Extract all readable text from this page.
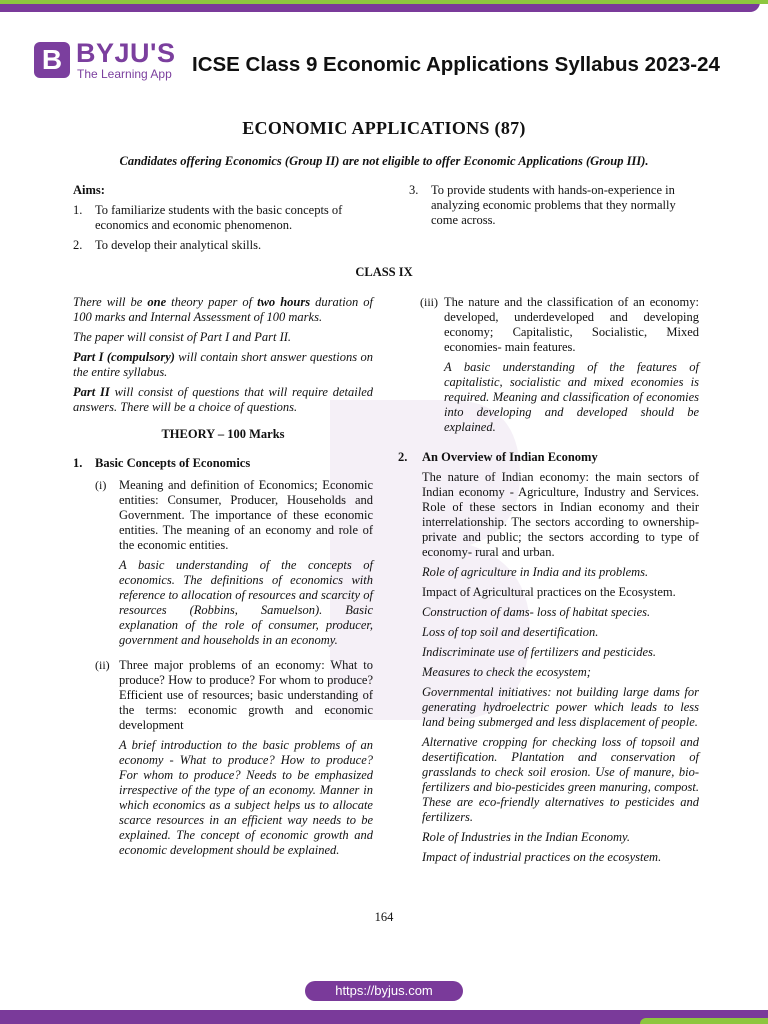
B BYJU'S
The Learning App ICSE Class 9 Economic Applications Syllabus 2023-24
ECONOMIC APPLICATIONS (87)
Candidates offering Economics (Group II) are not eligible to offer Economic Applications (Group III).

Aims:

1.	To familiarize students with the basic concepts of economics and economic phenomenon.
2.	To develop their analytical skills.
3.	To provide students with hands-on-experience in analyzing economic problems that they normally come across.

CLASS IX

There will be one theory paper of two hours duration of 100 marks and Internal Assessment of 100 marks.

The paper will consist of Part I and Part II.

Part I (compulsory) will contain short answer questions on the entire syllabus.

Part II will consist of questions that will require detailed answers. There will be a choice of questions.

THEORY – 100 Marks

1.	Basic Concepts of Economics
(i)	Meaning and definition of Economics; Economic entities: Consumer, Producer, Households and Government. The importance of these economic entities. The meaning of an economy and role of the economic entities.

A basic understanding of the concepts of economics. The definitions of economics with reference to allocation of resources and scarcity of resources (Robbins, Samuelson). Basic explanation of the role of consumer, producer, government and households in an economy.

(ii) Three major problems of an economy: What to produce? How to produce? For whom to produce? Efficient use of resources; basic understanding of the terms: economic growth and economic development

A brief introduction to the basic problems of an economy - What to produce? How to produce? For whom to produce? Needs to be emphasized irrespective of the type of an economy. Manner in which economics as a subject helps us to allocate scarce resources in an efficient way needs to be explained. The concept of economic growth and economic development should be explained.

(iii) The nature and the classification of an economy: developed, underdeveloped and developing economy; Capitalistic, Socialistic, Mixed economies- main features.

A basic understanding of the features of capitalistic, socialistic and mixed economies is required. Meaning and classification of economies into developing and developed should be explained.

2.	An Overview of Indian Economy

The nature of Indian economy: the main sectors of Indian economy - Agriculture, Industry and Services. Role of these sectors in Indian economy and their interrelationship. The sectors according to ownership- private and public; the sectors according to type of economy- rural and urban.

Role of agriculture in India and its problems.

Impact of Agricultural practices on the Ecosystem.

Construction of dams- loss of habitat species.

Loss of top soil and desertification.

Indiscriminate use of fertilizers and pesticides.

Measures to check the ecosystem;

Governmental initiatives: not building large dams for generating hydroelectric power which leads to less land being submerged and less displacement of people.

Alternative cropping for checking loss of topsoil and desertification. Plantation and conservation of grasslands to check soil erosion. Use of manure, bio-fertilizers and bio-pesticides green manuring, compost. These are eco-friendly alternatives to pesticides and fertilizers.

Role of Industries in the Indian Economy.

Impact of industrial practices on the ecosystem.

164
https://byjus.com
